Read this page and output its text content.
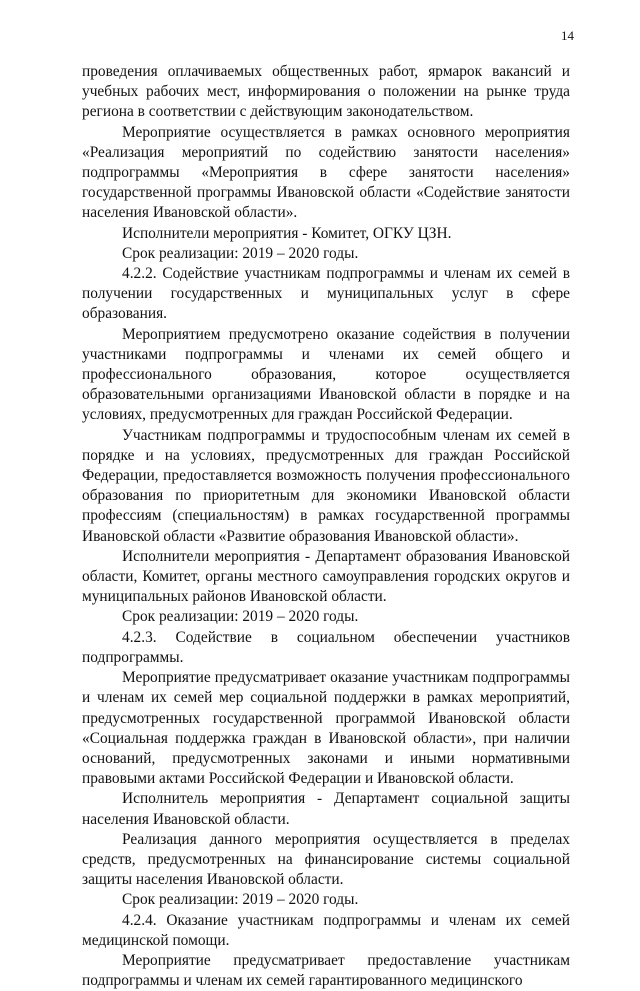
14

проведения оплачиваемых общественных работ, ярмарок вакансий и учебных рабочих мест, информирования о положении на рынке труда региона в соответствии с действующим законодательством.

Мероприятие осуществляется в рамках основного мероприятия «Реализация мероприятий по содействию занятости населения» подпрограммы «Мероприятия в сфере занятости населения» государственной программы Ивановской области «Содействие занятости населения Ивановской области».

Исполнители мероприятия - Комитет, ОГКУ ЦЗН.

Срок реализации: 2019 – 2020 годы.

4.2.2. Содействие участникам подпрограммы и членам их семей в получении государственных и муниципальных услуг в сфере образования.

Мероприятием предусмотрено оказание содействия в получении участниками подпрограммы и членами их семей общего и профессионального образования, которое осуществляется образовательными организациями Ивановской области в порядке и на условиях, предусмотренных для граждан Российской Федерации.

Участникам подпрограммы и трудоспособным членам их семей в порядке и на условиях, предусмотренных для граждан Российской Федерации, предоставляется возможность получения профессионального образования по приоритетным для экономики Ивановской области профессиям (специальностям) в рамках государственной программы Ивановской области «Развитие образования Ивановской области».

Исполнители мероприятия - Департамент образования Ивановской области, Комитет, органы местного самоуправления городских округов и муниципальных районов Ивановской области.

Срок реализации: 2019 – 2020 годы.

4.2.3. Содействие в социальном обеспечении участников подпрограммы.

Мероприятие предусматривает оказание участникам подпрограммы и членам их семей мер социальной поддержки в рамках мероприятий, предусмотренных государственной программой Ивановской области «Социальная поддержка граждан в Ивановской области», при наличии оснований, предусмотренных законами и иными нормативными правовыми актами Российской Федерации и Ивановской области.

Исполнитель мероприятия - Департамент социальной защиты населения Ивановской области.

Реализация данного мероприятия осуществляется в пределах средств, предусмотренных на финансирование системы социальной защиты населения Ивановской области.

Срок реализации: 2019 – 2020 годы.

4.2.4. Оказание участникам подпрограммы и членам их семей медицинской помощи.

Мероприятие предусматривает предоставление участникам подпрограммы и членам их семей гарантированного медицинского
